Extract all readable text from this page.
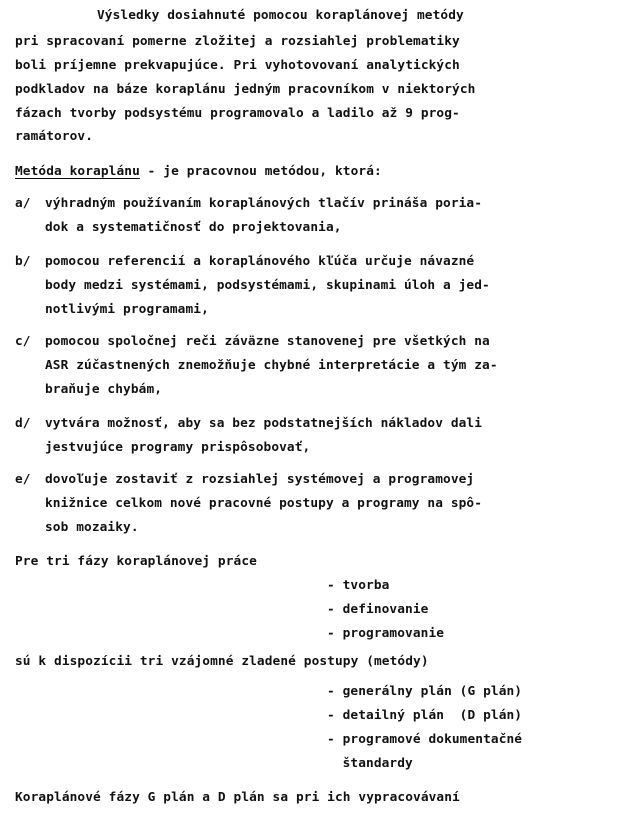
Výsledky dosiahnuté pomocou koraplánovej metódy
pri spracovaní pomerne zložitej a rozsiahlej problematiky
boli príjemne prekvapujúce. Pri vyhotovovaní analytických
podkladov na báze koraplánu jedným pracovníkom v niektorých
fázach tvorby podsystému programovalo a ladilo až 9 prog-
ramátorov.
Metóda koraplánu - je pracovnou metódou, ktorá:
a/ výhradným používaním koraplánových tlačív prináša poria-
dok a systematičnosť do projektovania,
b/ pomocou referencií a koraplánového kľúča určuje návazné
body medzi systémami, podsystémami, skupinami úloh a jed-
notlivými programami,
c/ pomocou spoločnej reči záväzne stanovenej pre všetkých na
ASR zúčastnených znemožňuje chybné interpretácie a tým za-
braňuje chybám,
d/ vytvára možnosť, aby sa bez podstatnejších nákladov dali
jestvujúce programy prispôsobovať,
e/ dovoľuje zostaviť z rozsiahlej systémovej a programovej
knižnice celkom nové pracovné postupy a programy na spô-
sob mozaiky.
Pre tri fázy koraplánovej práce
- tvorba
- definovanie
- programovanie
sú k dispozícii tri vzájomné zladené postupy (metódy)
- generálny plán (G plán)
- detailný plán  (D plán)
- programové dokumentačné
štandardy
Koraplánové fázy G plán a D plán sa pri ich vypracovávaní
